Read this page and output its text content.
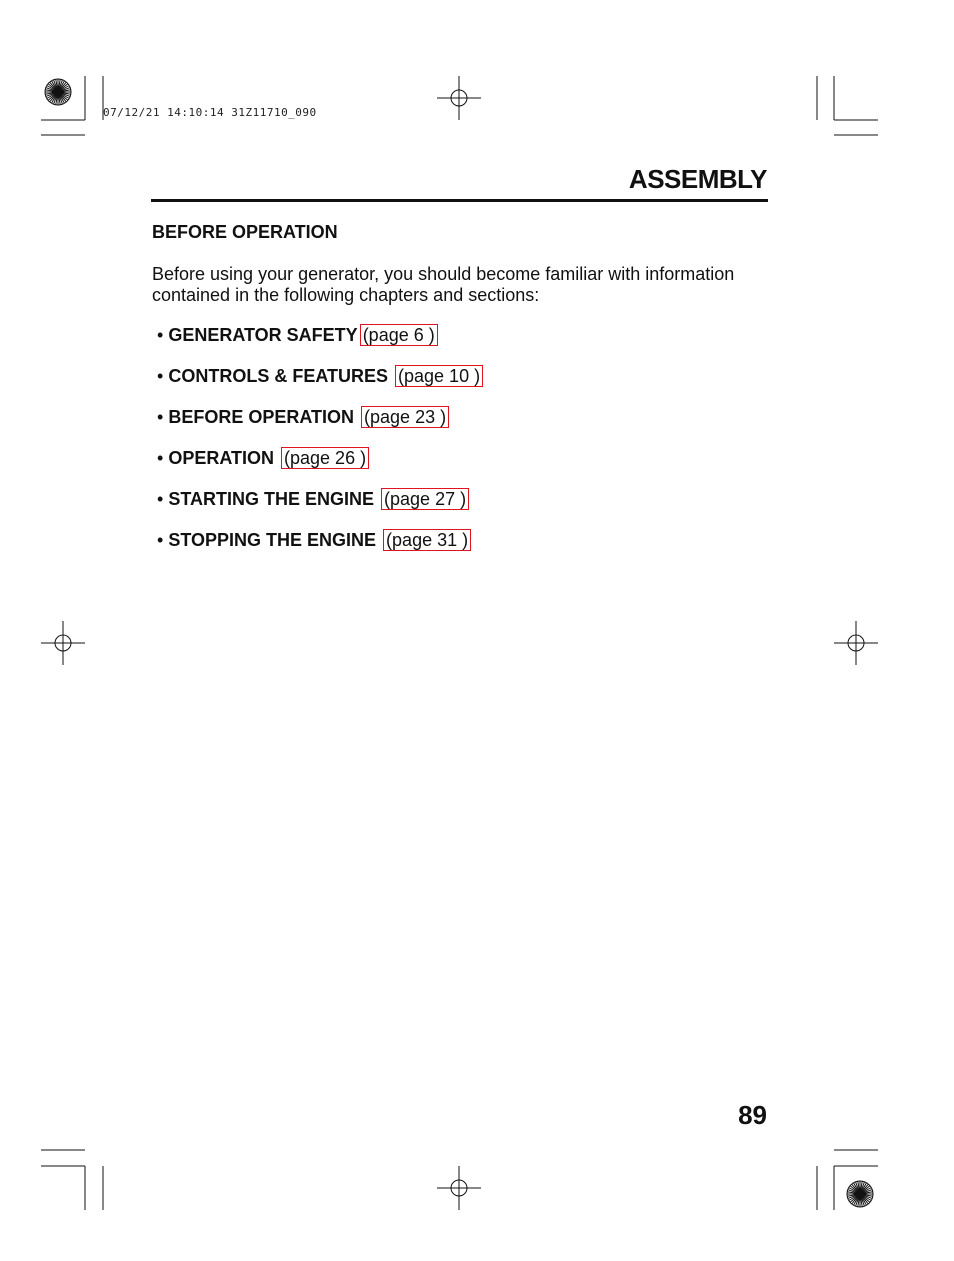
07/12/21 14:10:14 31Z11710_090
ASSEMBLY
BEFORE OPERATION
Before using your generator, you should become familiar with information contained in the following chapters and sections:
• GENERATOR SAFETY (page 6 )
• CONTROLS & FEATURES (page 10 )
• BEFORE OPERATION (page 23 )
• OPERATION (page 26 )
• STARTING THE ENGINE (page 27 )
• STOPPING THE ENGINE (page 31 )
89
